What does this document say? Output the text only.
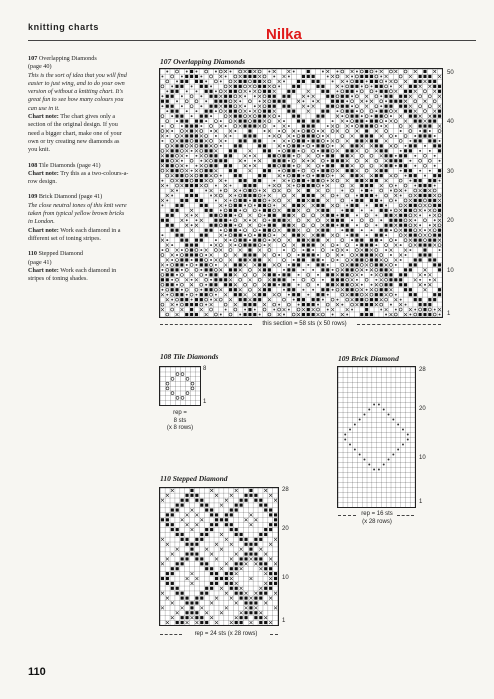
knitting charts	Nilka
107 Overlapping Diamonds
(page 40)
This is the sort of idea that you will find easier to just wing, and to do your own version of without a knitting chart. It's great fun to see how many colours you can use in it.
Chart note: The chart gives only a section of the original design. If you need a bigger chart, make one of your own or try creating new diamonds as you knit.
108 Tile Diamonds (page 41)
Chart note: Try this as a two-colours-a-row design.
109 Brick Diamond (page 41)
The close neutral tones of this knit were taken from typical yellow brown bricks in London.
Chart note: Work each diamond in a different set of toning stripes.
110 Stepped Diamond
(page 41)
Chart note: Work each diamond in stripes of toning shades.
107 Overlapping Diamonds
50
40
30
20
10
1
this section = 58 sts (x 50 rows)
108 Tile Diamonds
8
1
rep =
8 sts
(x 8 rows)
109 Brick Diamond
28
20
10
1
rep = 16 sts
(x 28 rows)
110 Stepped Diamond
28
20
10
1
rep = 24 sts (x 28 rows)
110
